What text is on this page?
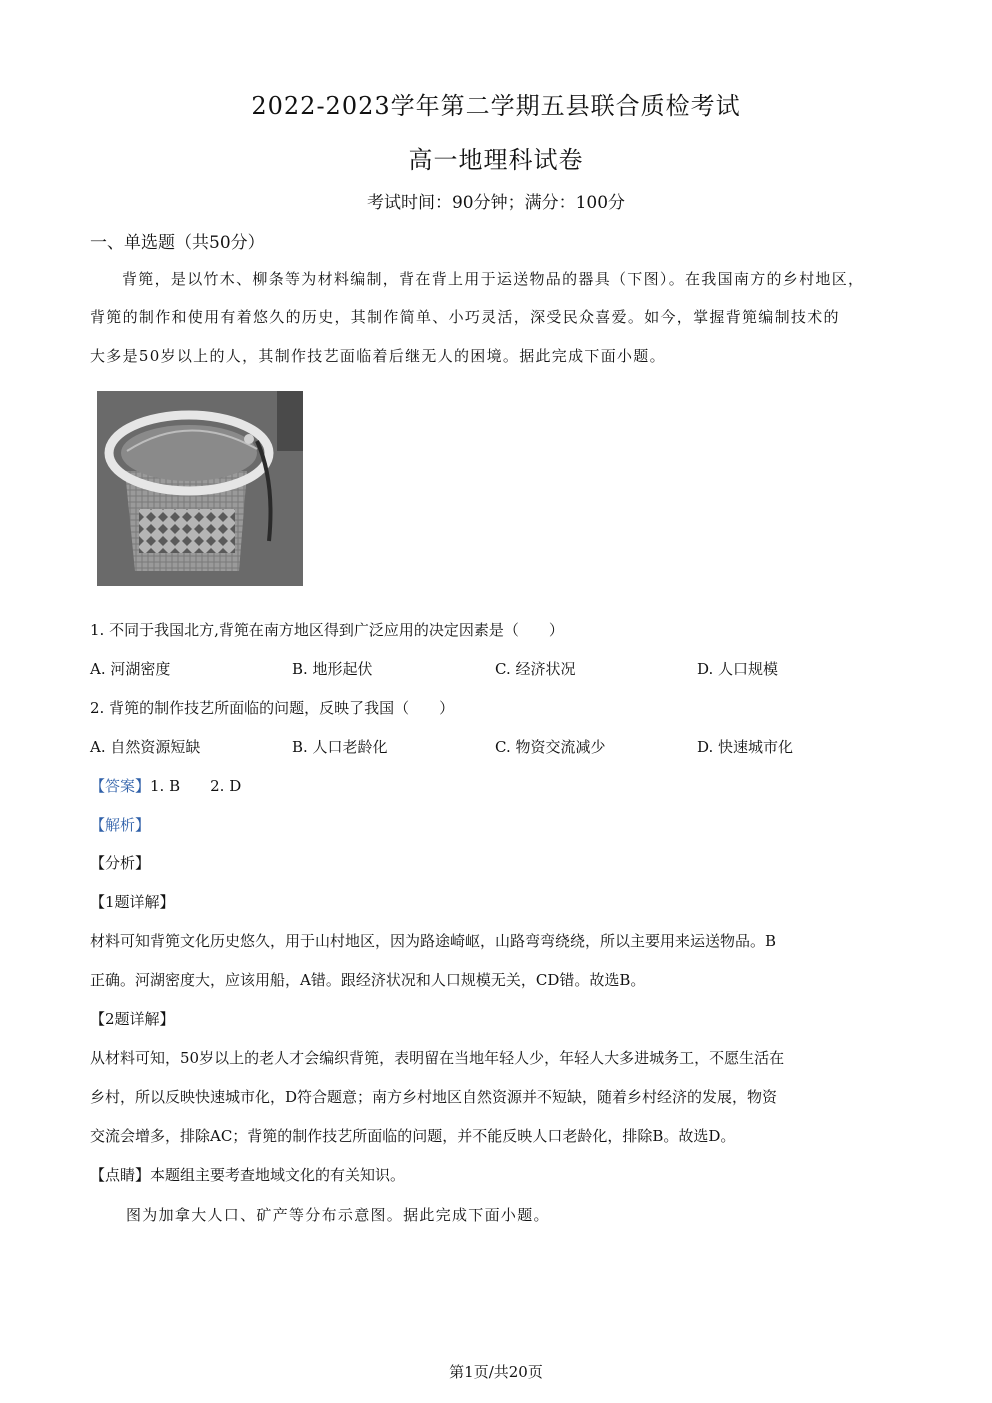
2022-2023学年第二学期五县联合质检考试
高一地理科试卷
考试时间：90分钟；满分：100分
一、单选题（共50分）
背篼，是以竹木、柳条等为材料编制，背在背上用于运送物品的器具（下图）。在我国南方的乡村地区，
背篼的制作和使用有着悠久的历史，其制作简单、小巧灵活，深受民众喜爱。如今，掌握背篼编制技术的
大多是50岁以上的人，其制作技艺面临着后继无人的困境。据此完成下面小题。
1. 不同于我国北方,背篼在南方地区得到广泛应用的决定因素是（　　）
A. 河湖密度	B. 地形起伏	C. 经济状况	D. 人口规模
2. 背篼的制作技艺所面临的问题，反映了我国（　　）
A. 自然资源短缺	B. 人口老龄化	C. 物资交流减少	D. 快速城市化
【答案】1. B　　2. D
【解析】
【分析】
【1题详解】
材料可知背篼文化历史悠久，用于山村地区，因为路途崎岖，山路弯弯绕绕，所以主要用来运送物品。B
正确。河湖密度大，应该用船，A错。跟经济状况和人口规模无关，CD错。故选B。
【2题详解】
从材料可知，50岁以上的老人才会编织背篼，表明留在当地年轻人少，年轻人大多进城务工，不愿生活在
乡村，所以反映快速城市化，D符合题意；南方乡村地区自然资源并不短缺，随着乡村经济的发展，物资
交流会增多，排除AC；背篼的制作技艺所面临的问题，并不能反映人口老龄化，排除B。故选D。
【点睛】本题组主要考查地域文化的有关知识。
图为加拿大人口、矿产等分布示意图。据此完成下面小题。
第1页/共20页
